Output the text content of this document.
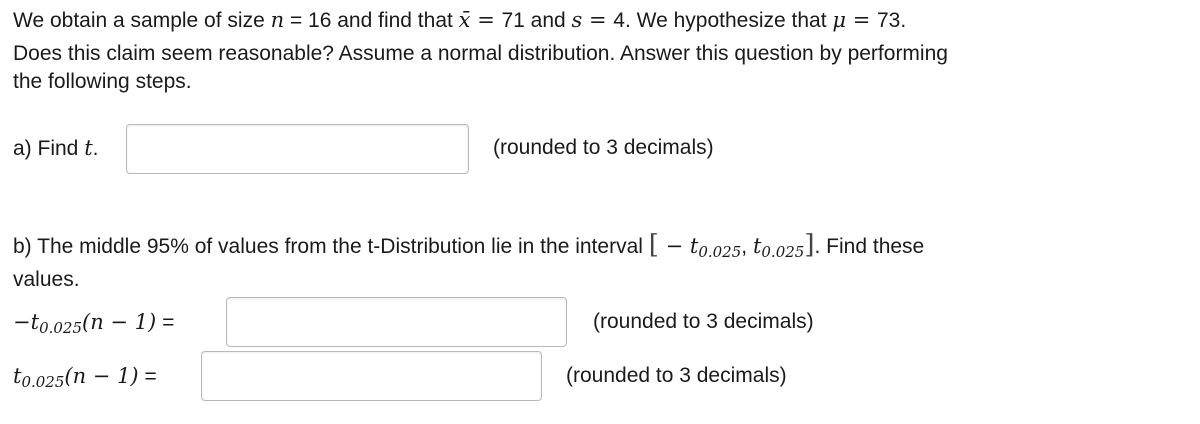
We obtain a sample of size n = 16 and find that x̄ = 71 and s = 4. We hypothesize that μ = 73.
Does this claim seem reasonable? Assume a normal distribution. Answer this question by performing
the following steps.
a) Find t.	(rounded to 3 decimals)
b) The middle 95% of values from the t-Distribution lie in the interval [ − $t_{0.025}$, $t_{0.025}$]. Find these
values.
$-t_{0.025}(n - 1)$ =	(rounded to 3 decimals)
$t_{0.025}(n - 1)$ =	(rounded to 3 decimals)
